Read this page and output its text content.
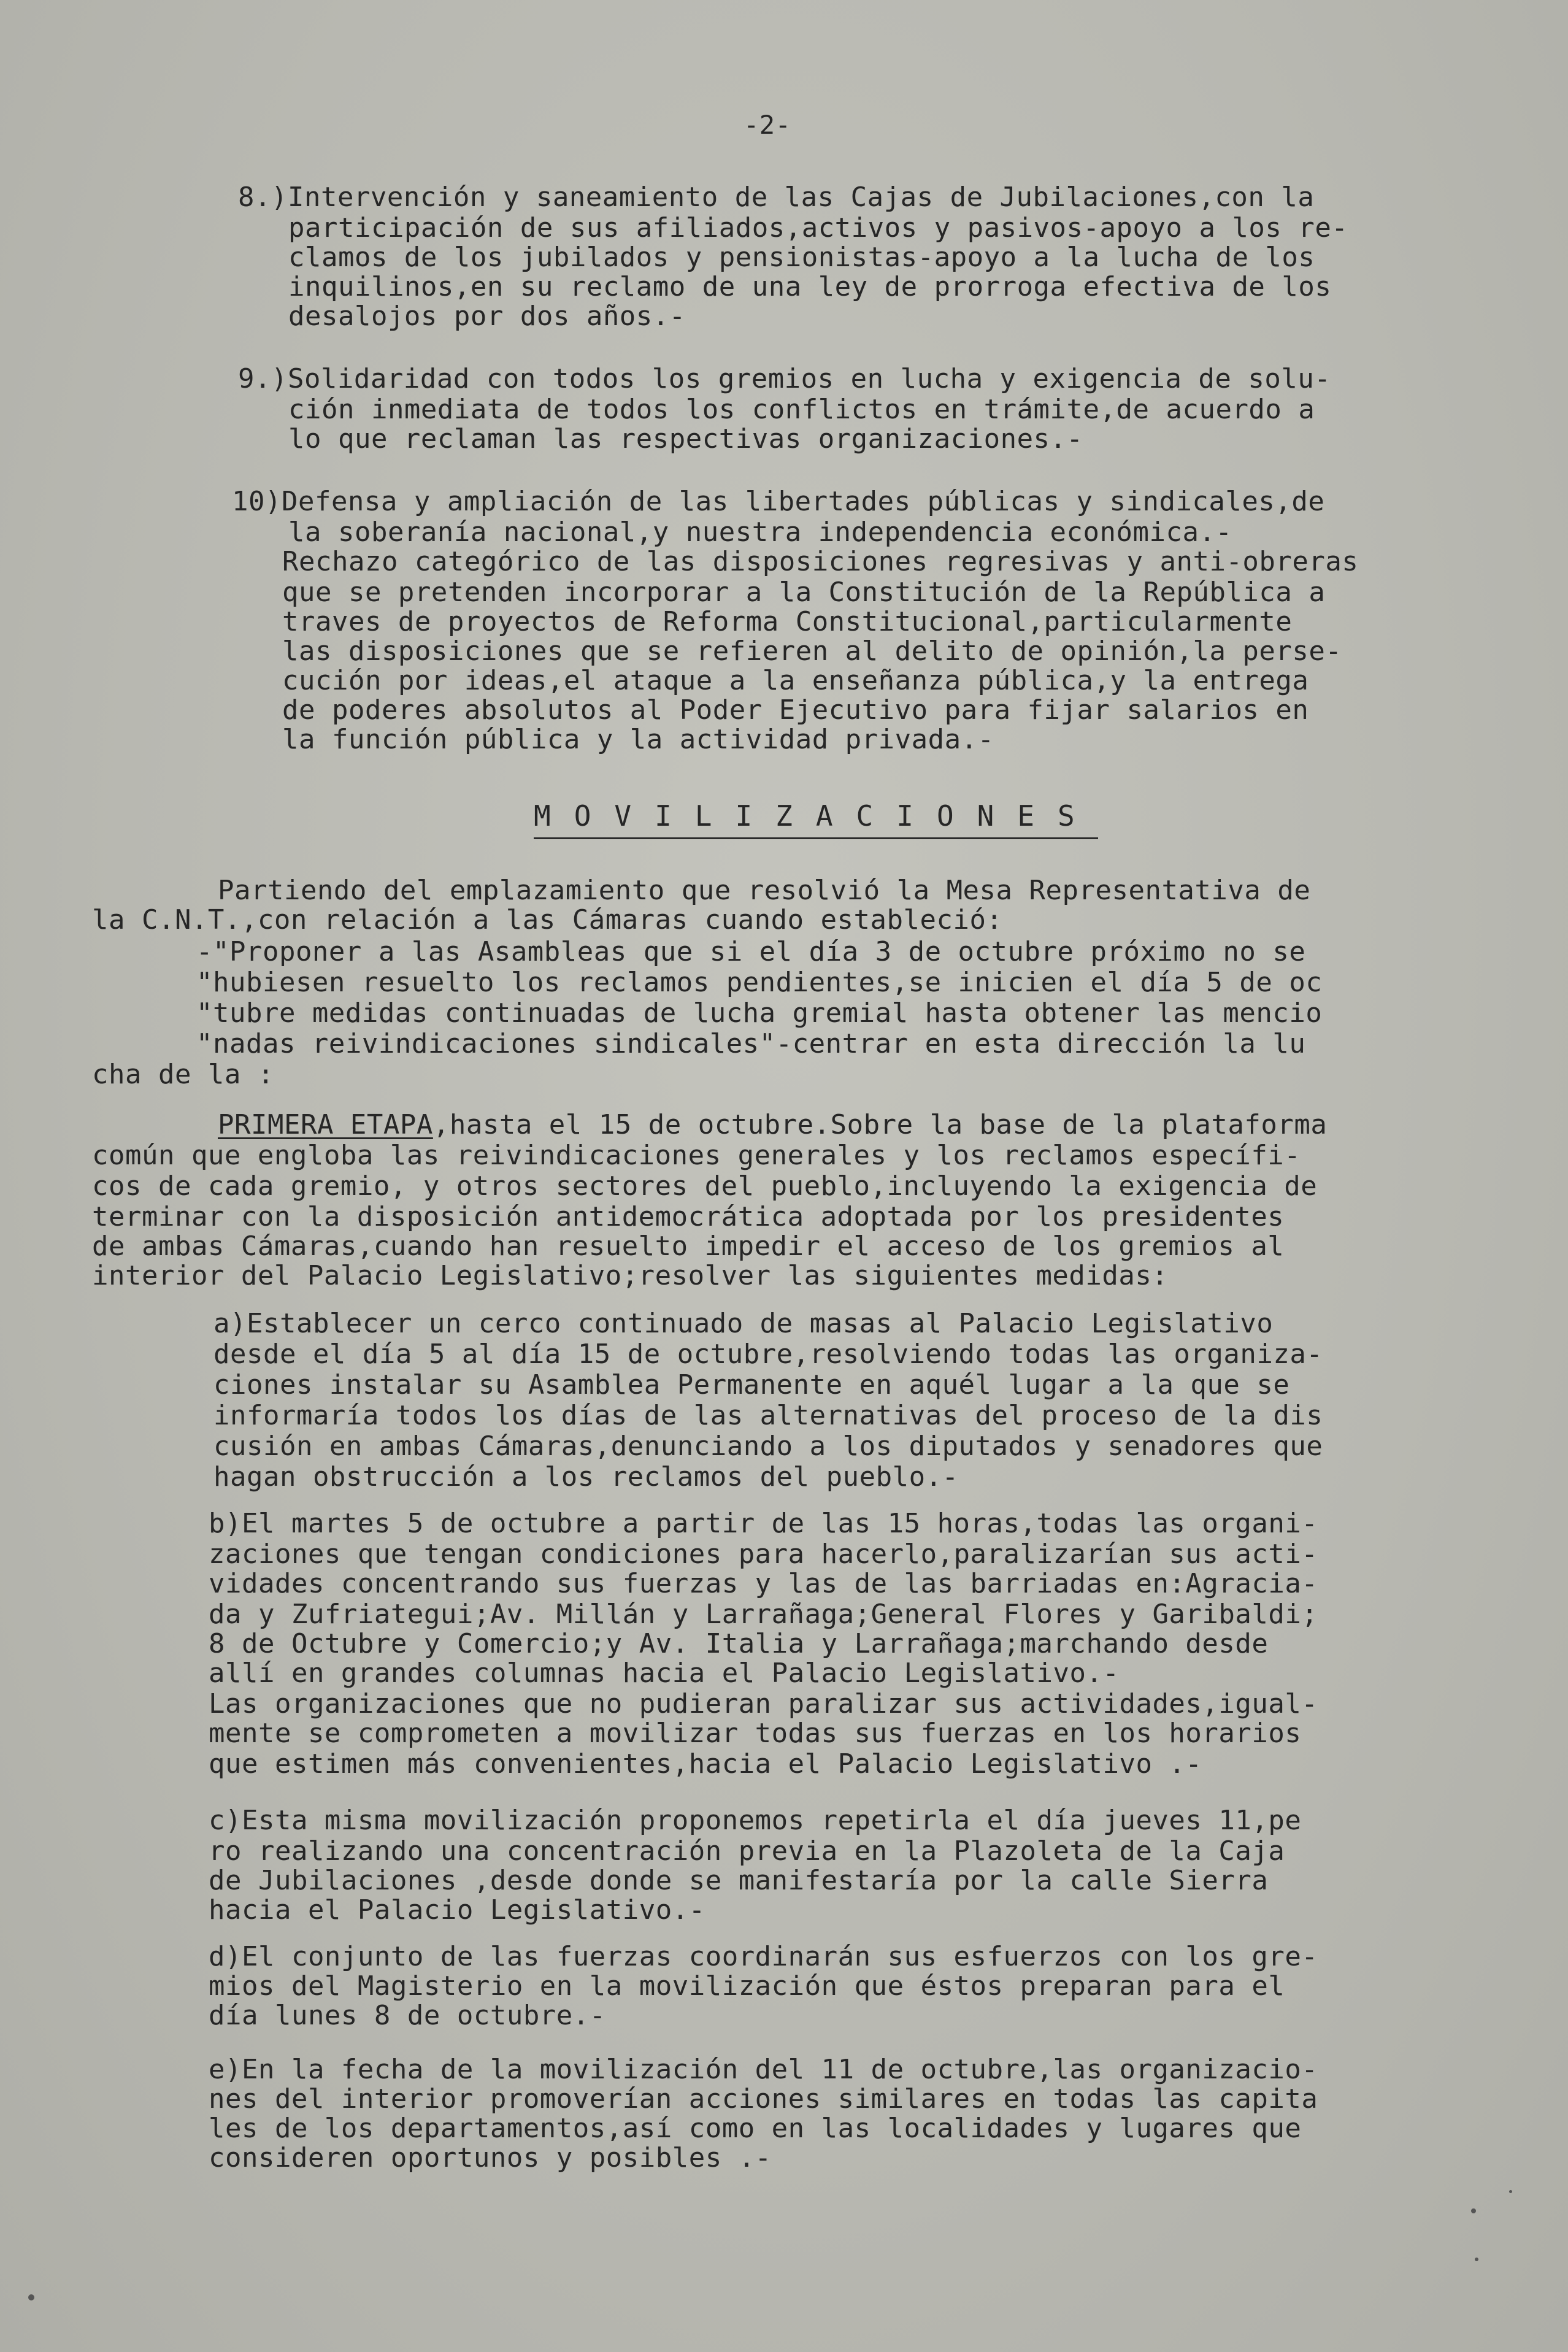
-2-
8.)Intervención y saneamiento de las Cajas de Jubilaciones,con la
participación de sus afiliados,activos y pasivos-apoyo a los re-
clamos de los jubilados y pensionistas-apoyo a la lucha de los
inquilinos,en su reclamo de una ley de prorroga efectiva de los
desalojos por dos años.-
9.)Solidaridad con todos los gremios en lucha y exigencia de solu-
ción inmediata de todos los conflictos en trámite,de acuerdo a
lo que reclaman las respectivas organizaciones.-
10)Defensa y ampliación de las libertades públicas y sindicales,de
la soberanía nacional,y nuestra independencia económica.-
Rechazo categórico de las disposiciones regresivas y anti-obreras
que se pretenden incorporar a la Constitución de la República a
traves de proyectos de Reforma Constitucional,particularmente
las disposiciones que se refieren al delito de opinión,la perse-
cución por ideas,el ataque a la enseñanza pública,y la entrega
de poderes absolutos al Poder Ejecutivo para fijar salarios en
la función pública y la actividad privada.-
MOVILIZACIONES
Partiendo del emplazamiento que resolvió la Mesa Representativa de
la C.N.T.,con relación a las Cámaras cuando estableció:
-"Proponer a las Asambleas que si el día 3 de octubre próximo no se
"hubiesen resuelto los reclamos pendientes,se inicien el día 5 de oc
"tubre medidas continuadas de lucha gremial hasta obtener las mencio
"nadas reivindicaciones sindicales"-centrar en esta dirección la lu
cha de la :
PRIMERA ETAPA,hasta el 15 de octubre.Sobre la base de la plataforma
común que engloba las reivindicaciones generales y los reclamos específi-
cos de cada gremio, y otros sectores del pueblo,incluyendo la exigencia de
terminar con la disposición antidemocrática adoptada por los presidentes
de ambas Cámaras,cuando han resuelto impedir el acceso de los gremios al
interior del Palacio Legislativo;resolver las siguientes medidas:
a)Establecer un cerco continuado de masas al Palacio Legislativo
desde el día 5 al día 15 de octubre,resolviendo todas las organiza-
ciones instalar su Asamblea Permanente en aquél lugar a la que se
informaría todos los días de las alternativas del proceso de la dis
cusión en ambas Cámaras,denunciando a los diputados y senadores que
hagan obstrucción a los reclamos del pueblo.-
b)El martes 5 de octubre a partir de las 15 horas,todas las organi-
zaciones que tengan condiciones para hacerlo,paralizarían sus acti-
vidades concentrando sus fuerzas y las de las barriadas en:Agracia-
da y Zufriategui;Av. Millán y Larrañaga;General Flores y Garibaldi;
8 de Octubre y Comercio;y Av. Italia y Larrañaga;marchando desde
allí en grandes columnas hacia el Palacio Legislativo.-
Las organizaciones que no pudieran paralizar sus actividades,igual-
mente se comprometen a movilizar todas sus fuerzas en los horarios
que estimen más convenientes,hacia el Palacio Legislativo .-
c)Esta misma movilización proponemos repetirla el día jueves 11,pe
ro realizando una concentración previa en la Plazoleta de la Caja
de Jubilaciones ,desde donde se manifestaría por la calle Sierra
hacia el Palacio Legislativo.-
d)El conjunto de las fuerzas coordinarán sus esfuerzos con los gre-
mios del Magisterio en la movilización que éstos preparan para el
día lunes 8 de octubre.-
e)En la fecha de la movilización del 11 de octubre,las organizacio-
nes del interior promoverían acciones similares en todas las capita
les de los departamentos,así como en las localidades y lugares que
consideren oportunos y posibles .-
